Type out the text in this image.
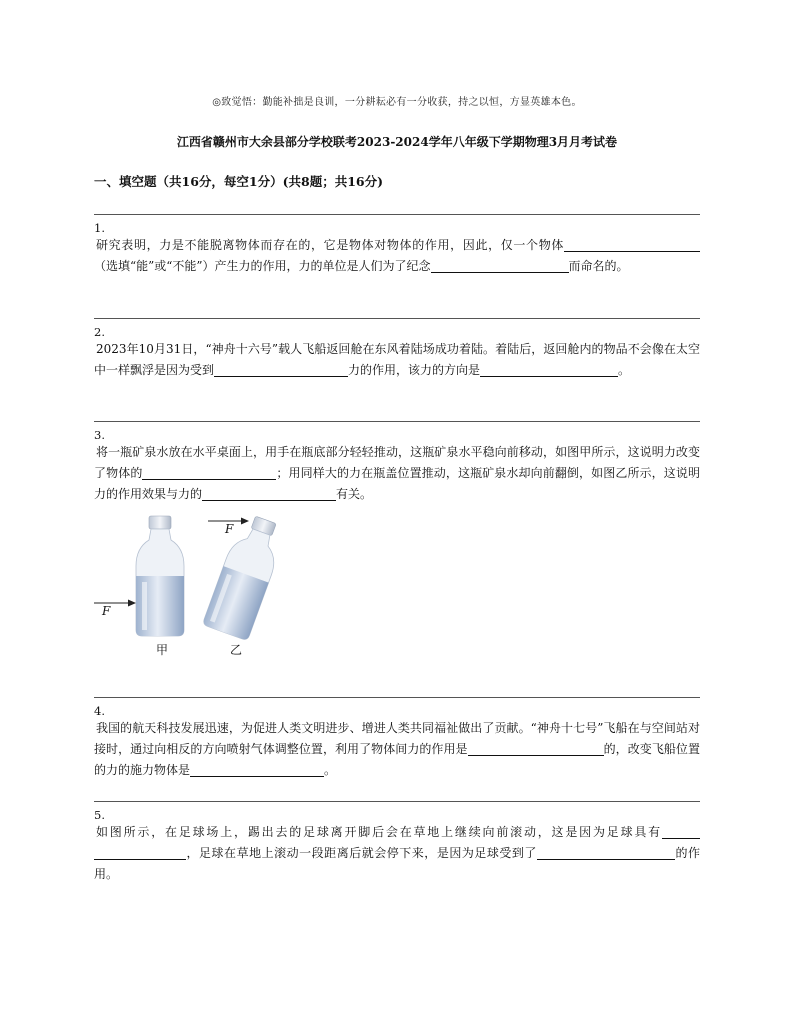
◎致觉悟：勤能补拙是良训，一分耕耘必有一分收获，持之以恒，方显英雄本色。
江西省赣州市大余县部分学校联考2023-2024学年八年级下学期物理3月月考试卷
一、填空题（共16分，每空1分）(共8题；共16分)
1.

研究表明，力是不能脱离物体而存在的，它是物体对物体的作用，因此，仅一个物体（选填“能”或“不能”）产生力的作用，力的单位是人们为了纪念	而命名的。

2.

2023年10月31日，“神舟十六号”载人飞船返回舱在东风着陆场成功着陆。着陆后，返回舱内的物品不会像在太空中一样飘浮是因为受到	力的作用，该力的方向是	。

3.

将一瓶矿泉水放在水平桌面上，用手在瓶底部分轻轻推动，这瓶矿泉水平稳向前移动，如图甲所示，这说明力改变了物体的	；用同样大的力在瓶盖位置推动，这瓶矿泉水却向前翻倒，如图乙所示，这说明力的作用效果与力的	有关。

F
F
甲	乙
4.

我国的航天科技发展迅速，为促进人类文明进步、增进人类共同福祉做出了贡献。“神舟十七号”飞船在与空间站对接时，通过向相反的方向喷射气体调整位置，利用了物体间力的作用是	的，改变飞船位置的力的施力物体是	。

5.

如图所示，在足球场上，踢出去的足球离开脚后会在草地上继续向前滚动，这是因为足球具有，足球在草地上滚动一段距离后就会停下来，是因为足球受到了	的作用。
